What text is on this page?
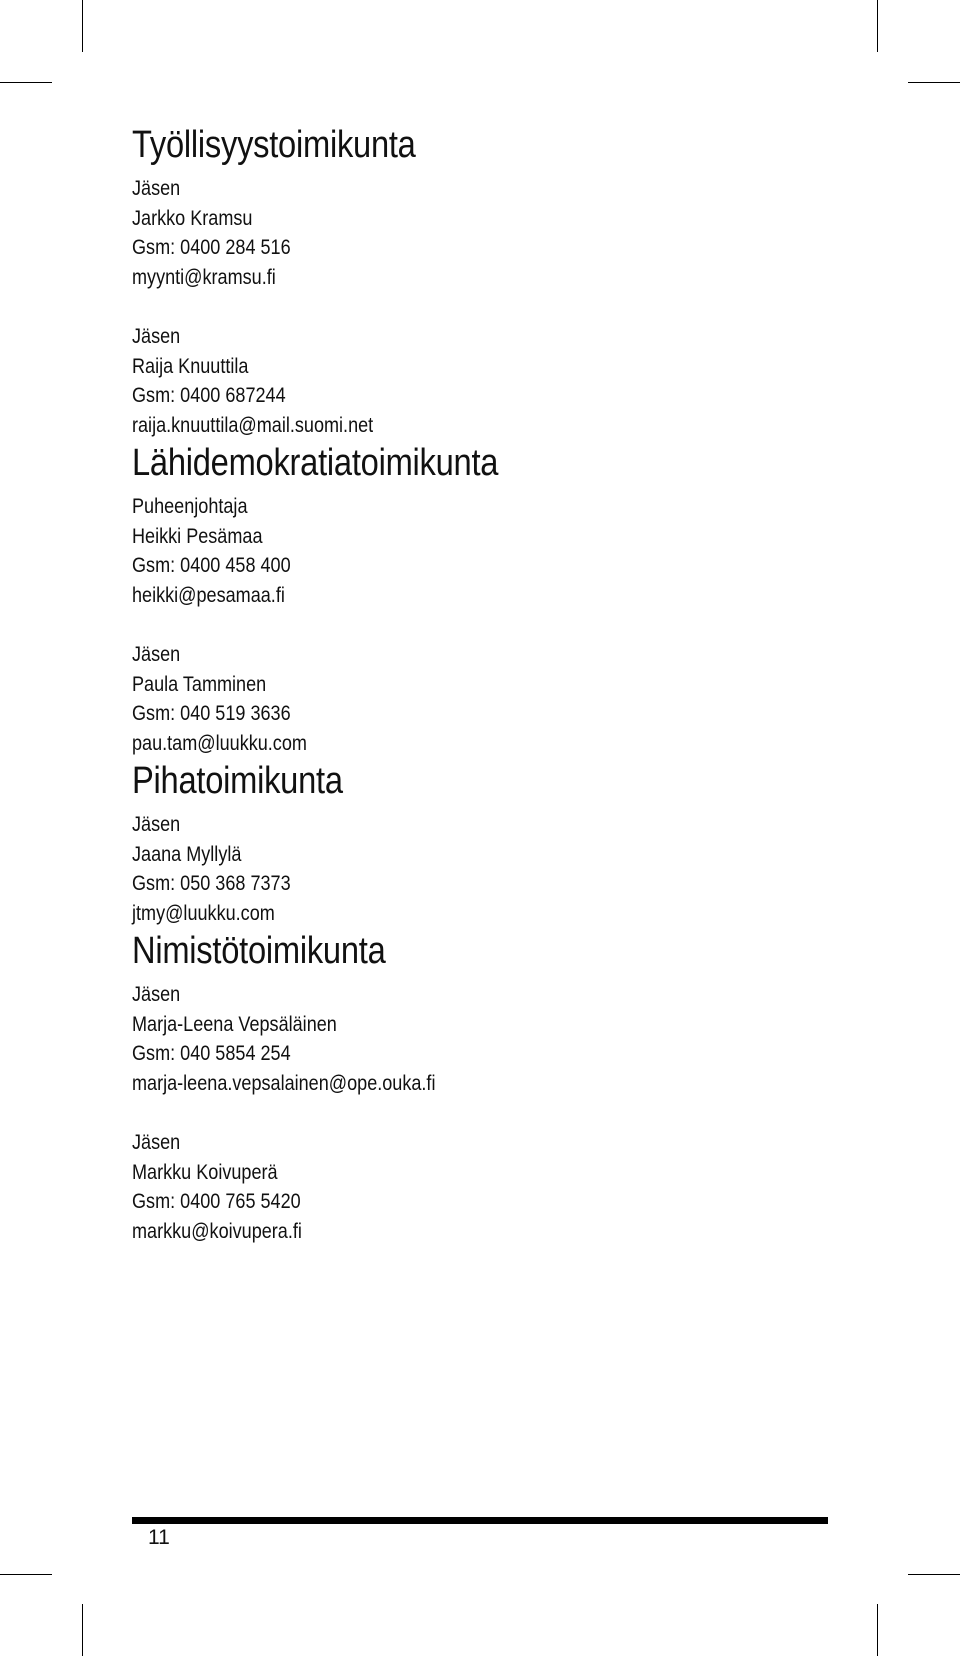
Työllisyystoimikunta

Jäsen

Jarkko Kramsu

Gsm: 0400 284 516

myynti@kramsu.fi

Jäsen

Raija Knuuttila

Gsm: 0400 687244

raija.knuuttila@mail.suomi.net

Lähidemokratiatoimikunta

Puheenjohtaja

Heikki Pesämaa

Gsm: 0400 458 400

heikki@pesamaa.fi

Jäsen

Paula Tamminen

Gsm: 040 519 3636

pau.tam@luukku.com

Pihatoimikunta

Jäsen

Jaana Myllylä

Gsm: 050 368 7373

jtmy@luukku.com

Nimistötoimikunta

Jäsen

Marja-Leena Vepsäläinen

Gsm: 040 5854 254

marja-leena.vepsalainen@ope.ouka.fi

Jäsen

Markku Koivuperä

Gsm: 0400 765 5420

markku@koivupera.fi

11
